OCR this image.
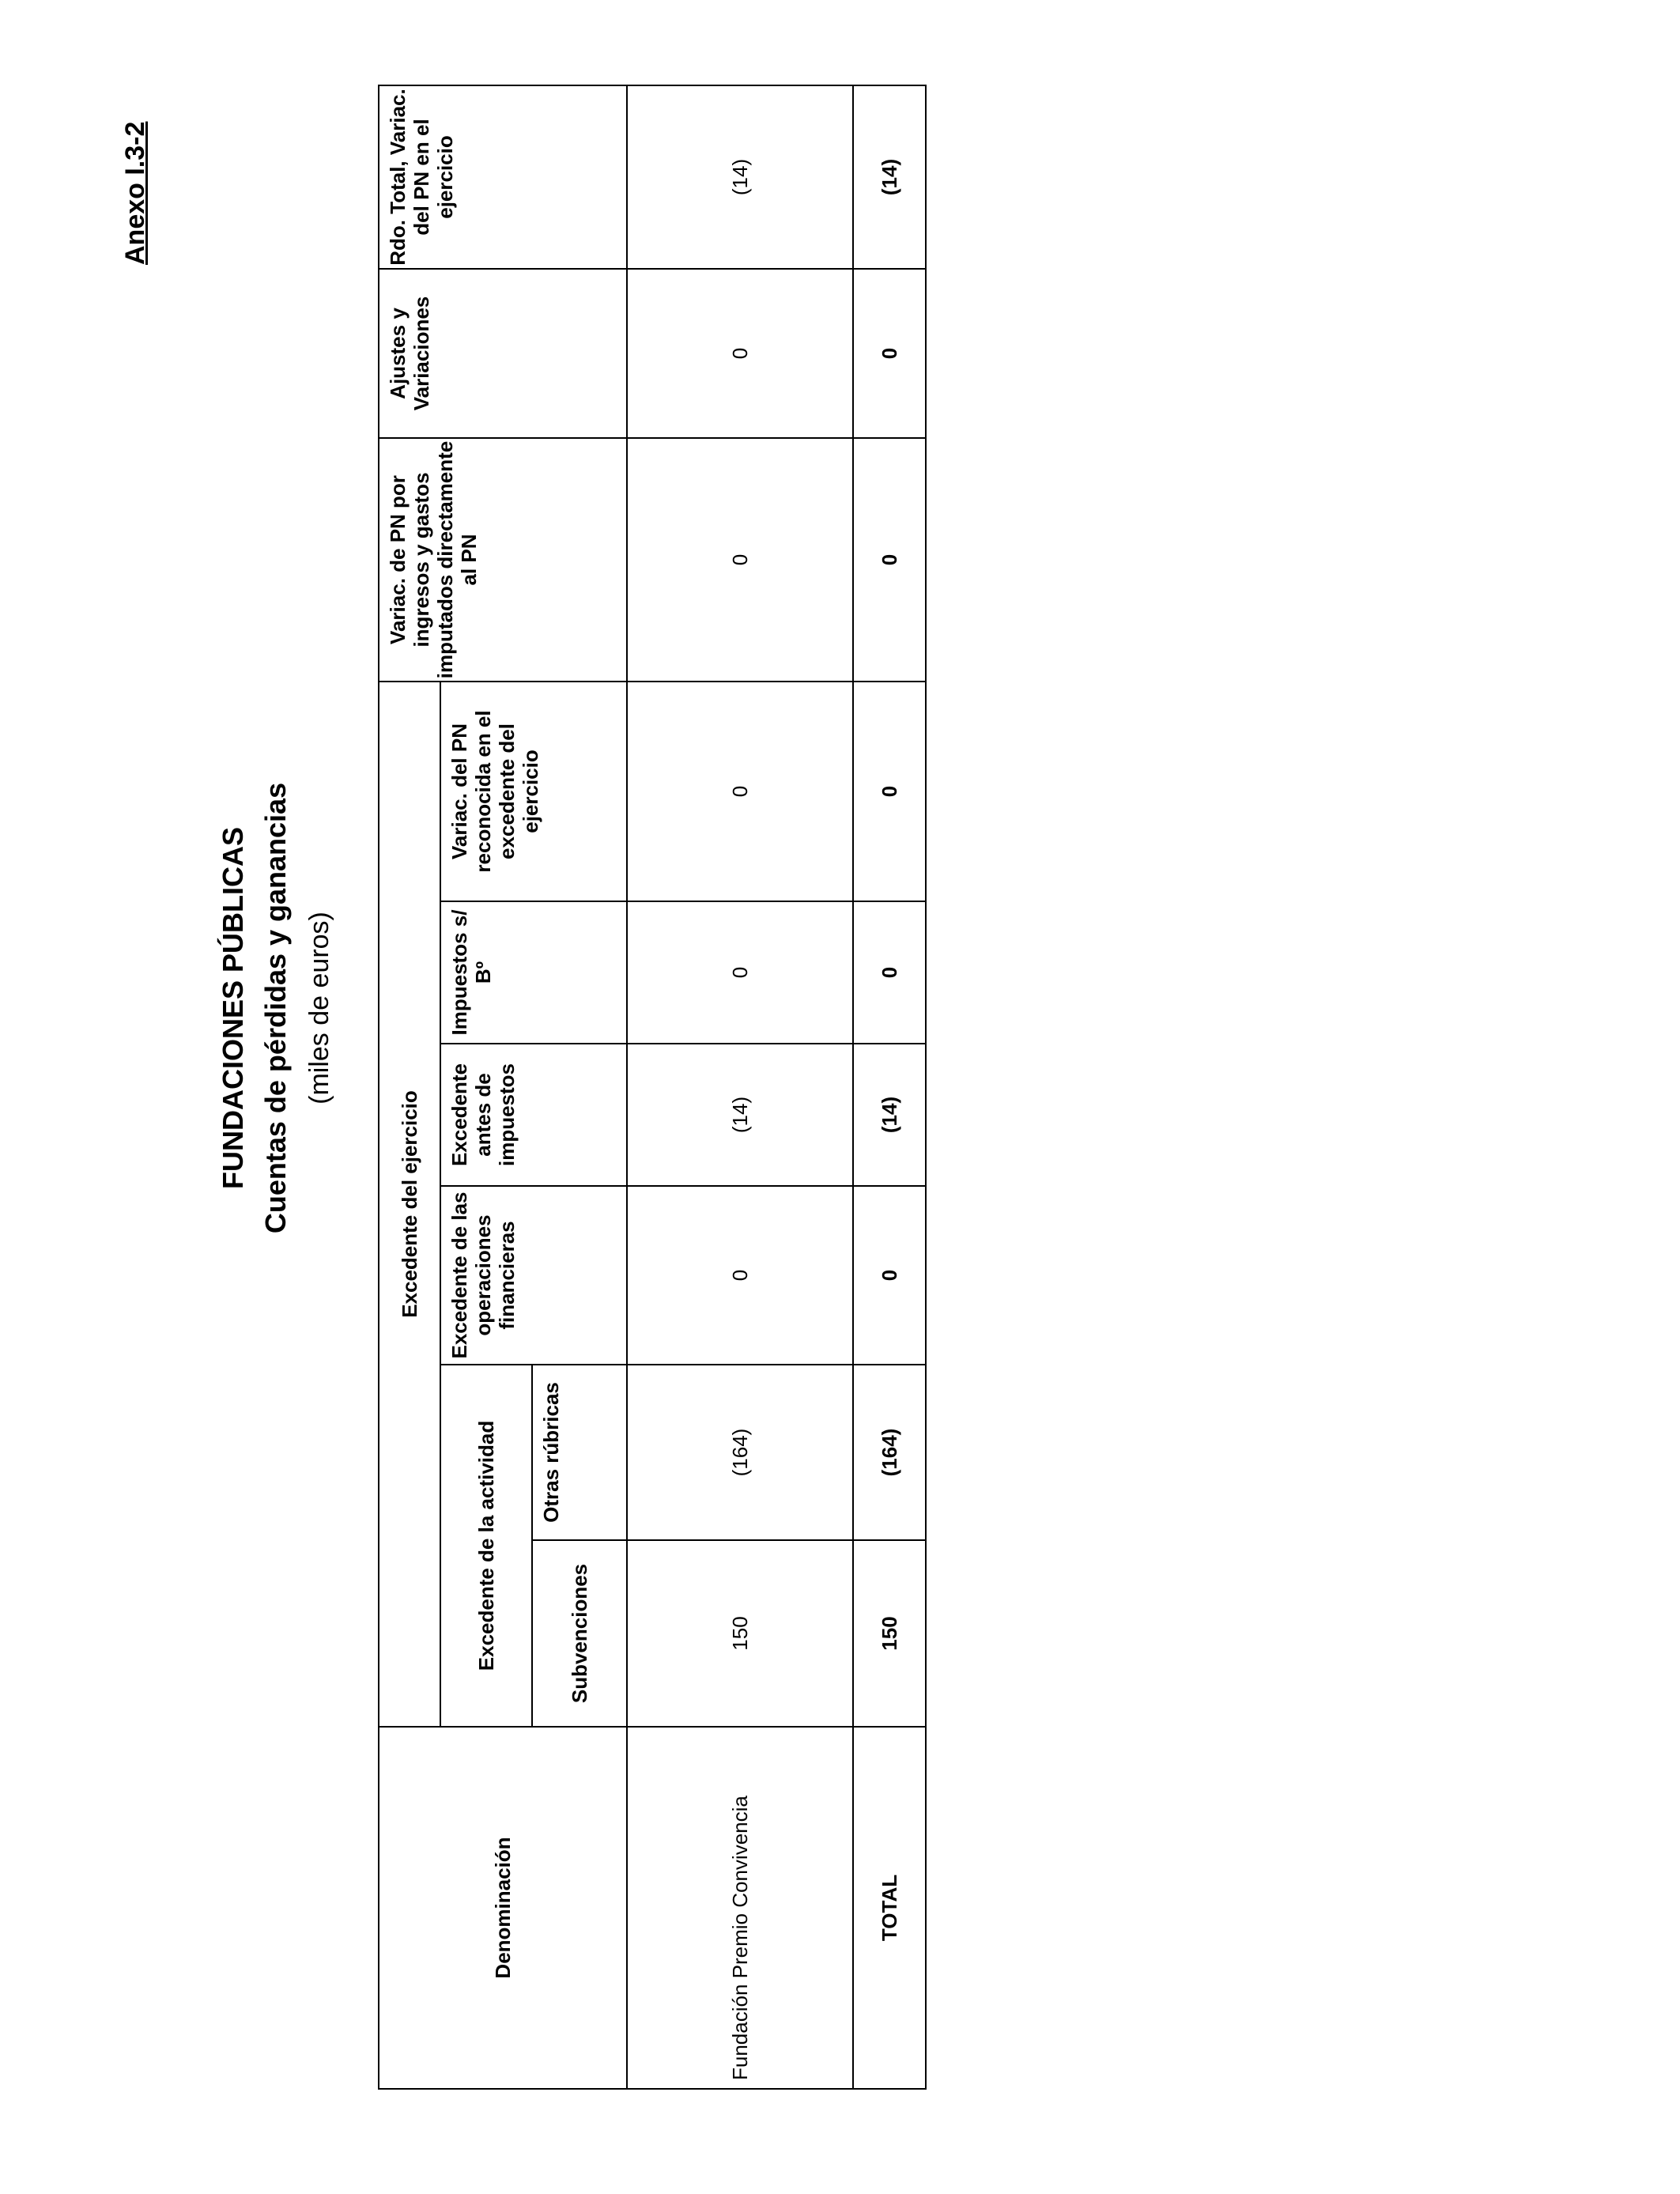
Anexo I.3-2
FUNDACIONES PÚBLICAS Cuentas de pérdidas y ganancias (miles de euros)
Denominación	Excedente del ejercicio						Variac. de PN por ingresos y gastos imputados directamente al PN	Ajustes y Variaciones	Rdo. Total, Variac. del PN en el ejercicio
	Excedente de la actividad		Excedente de las operaciones financieras	Excedente antes de impuestos	Impuestos s/ Bº	Variac. del PN reconocida en el excedente del ejercicio			
	Subvenciones	Otras rúbricas							
Fundación Premio Convivencia	150	(164)	0	(14)	0	0	0	0	(14)
TOTAL	150	(164)	0	(14)	0	0	0	0	(14)
